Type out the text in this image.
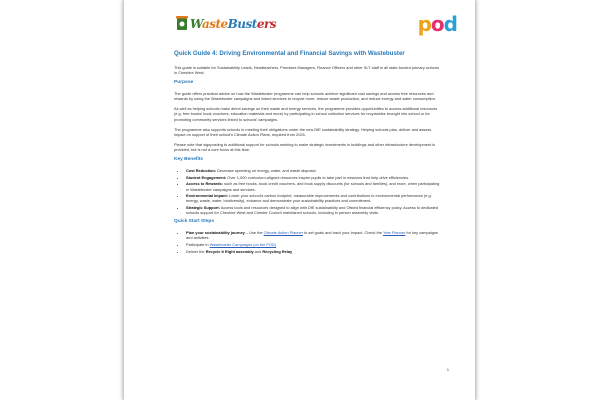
WasteBusters	pod
Quick Guide 4: Driving Environmental and Financial Savings with Wastebuster

This guide is suitable for Sustainability Leads, Headteachers, Premises Managers, Finance Officers and other SLT staff in all state-funded primary schools in Cheshire West.

Purpose

The guide offers practical advice on how the Wastebuster programme can help schools achieve significant cost savings and access free resources and rewards by using the Wastebuster campaigns and linked services to recycle more, reduce waste production, and reduce energy and water consumption.

As well as helping schools make direct savings on their waste and energy services, the programme provides opportunities to access additional resources (e.g. free books/ book vouchers, education materials and more) by participating in school collection services for recyclables brought into school or for promoting community services linked to schools' campaigns.

The programme also supports schools in meeting their obligations under the new DfE sustainability strategy. Helping schools plan, deliver and assess impact on support of their school's Climate Action Plans, required from 2025.

Please note that signposting to additional support for schools seeking to make strategic investments in buildings and other infrastructure development is provided, but is not a core focus at this time.

Key Benefits
• Cost Reduction: Decrease spending on energy, water, and waste disposal.
• Student Engagement: Over 1,000 curriculum-aligned resources inspire pupils to take part in missions that help drive efficiencies.
• Access to Rewards: such as free books, book credit vouchers, and book supply discounts (for schools and families), and more, when participating in Wastebuster campaigns and services.
• Environmental Impact: Lower your school's carbon footprint, measurable improvements and contributions to environmental performance (e.g. energy, waste, water, biodiversity), enhance and demonstrate your sustainability practices and commitment.
• Strategic Support: Access tools and resources designed to align with DfE sustainability and Ofsted financial efficiency policy. Access to dedicated schools support for Cheshire West and Chester Council maintained schools, including in person assembly visits.
Quick Start Steps
• Plan your sustainability journey – Use the Climate Action Planner to set goals and track your impact. Check the Year Planner for key campaigns and activities.
• Participate in Wastebuster Campaigns (on the POD)
• Deliver the Recycle It Right assembly and Recycling Relay
1
